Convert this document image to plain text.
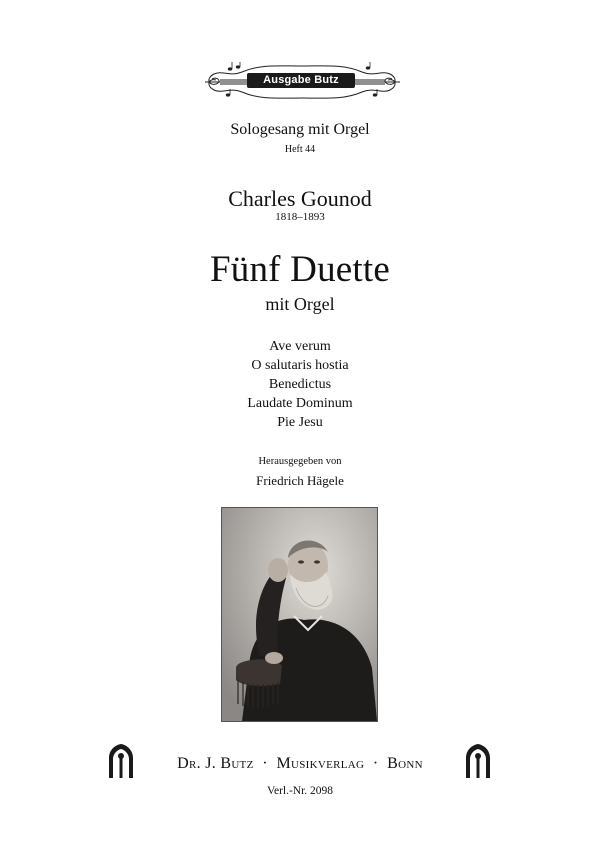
Ausgabe Butz
Sologesang mit Orgel
Heft 44
Charles Gounod
1818–1893
Fünf Duette
mit Orgel
Ave verum
O salutaris hostia
Benedictus
Laudate Dominum
Pie Jesu
Herausgegeben von
Friedrich Hägele
Dr. J. Butz · Musikverlag · Bonn
Verl.-Nr. 2098
